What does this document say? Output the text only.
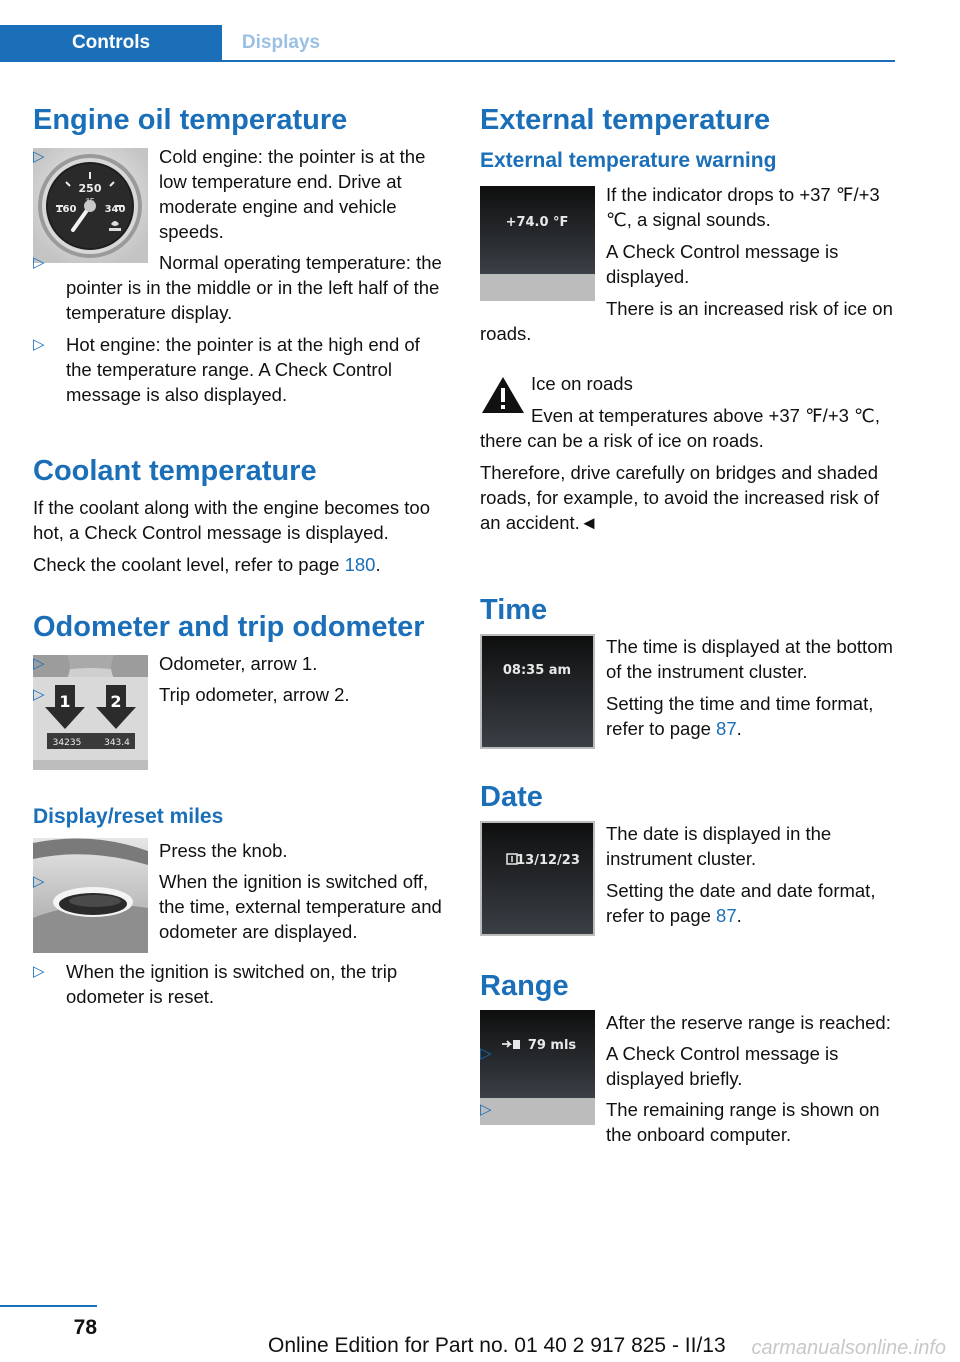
Controls	Displays
Engine oil temperature
250
160	340
▷	Cold engine: the pointer is at the low temperature end. Drive at moderate engine and vehicle speeds.
▷	Normal operating temperature: the pointer is in the middle or in the left half of the temperature display.
▷ Hot engine: the pointer is at the high end of the temperature range. A Check Control message is also displayed.
Coolant temperature

If the coolant along with the engine becomes too hot, a Check Control message is displayed.

Check the coolant level, refer to page 180.

Odometer and trip odometer
1 2
34235	343.4
▷	Odometer, arrow 1.
▷	Trip odometer, arrow 2.
Display/reset miles

Press the knob.

▷	When the ignition is switched off, the time, external temperature and odometer are displayed.
▷ When the ignition is switched on, the trip odometer is reset.
External temperature
External temperature warning
+74.0 °F

If the indicator drops to +37 ℉/+3 ℃, a signal sounds.

A Check Control message is displayed.

There is an increased risk of ice on roads.

Ice on roads

Even at temperatures above +37 ℉/+3 ℃, there can be a risk of ice on roads.

Therefore, drive carefully on bridges and shaded roads, for example, to avoid the increased risk of an accident.◄

Time
08:35 am

The time is displayed at the bottom of the instrument cluster.

Setting the time and time format, refer to page 87.

Date
13/12/23

The date is displayed in the instrument cluster.

Setting the date and date format, refer to page 87.

Range
79 mls

After the reserve range is reached:

▷	A Check Control message is displayed briefly.
▷	The remaining range is shown on the onboard computer.
78
Online Edition for Part no. 01 40 2 917 825 - II/13 carmanualsonline.info
